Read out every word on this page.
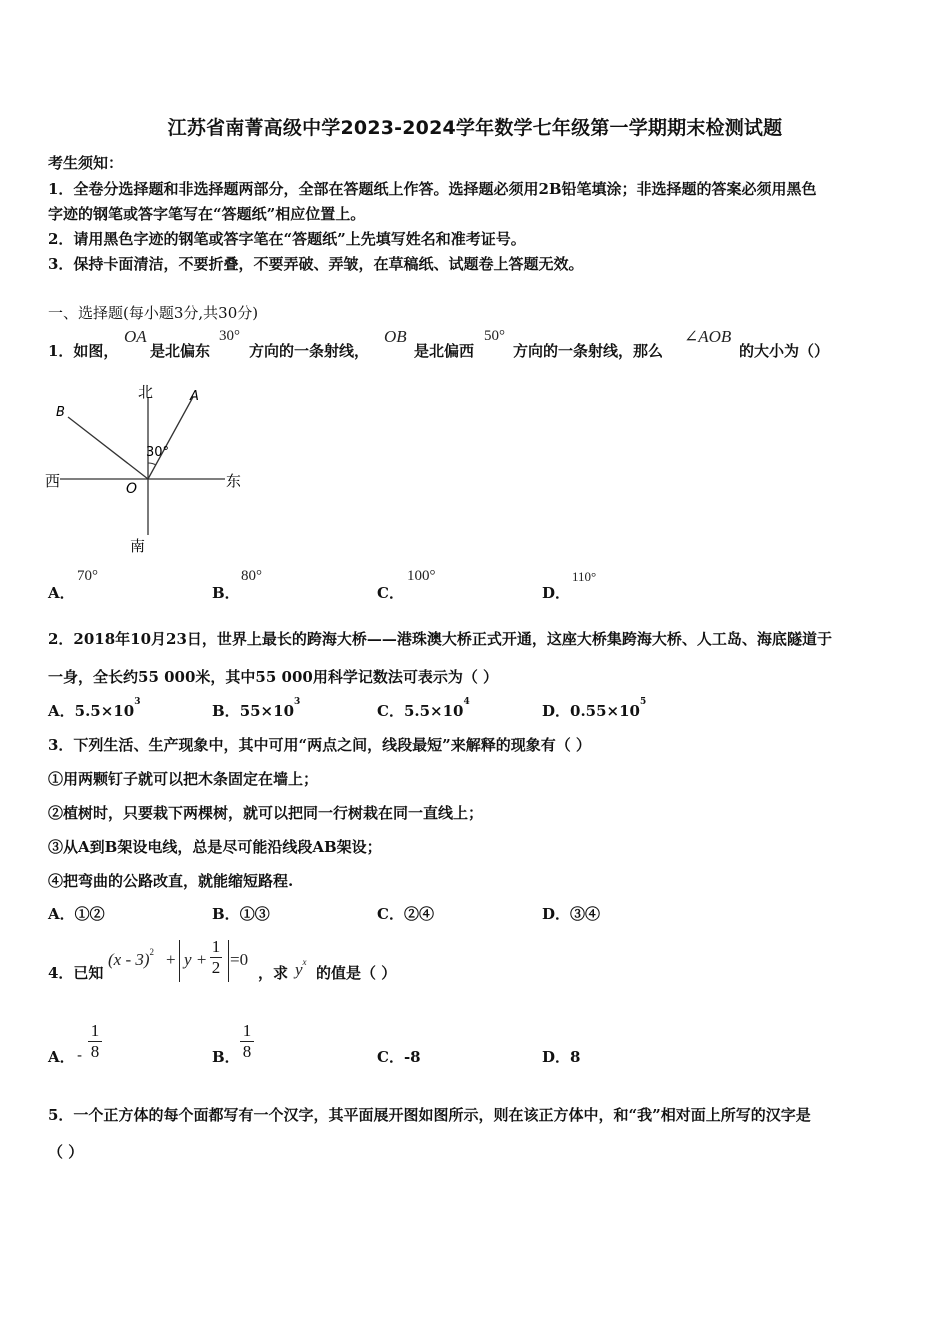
江苏省南菁高级中学2023-2024学年数学七年级第一学期期末检测试题
考生须知：
1．全卷分选择题和非选择题两部分，全部在答题纸上作答。选择题必须用2B铅笔填涂；非选择题的答案必须用黑色
字迹的钢笔或答字笔写在“答题纸”相应位置上。
2．请用黑色字迹的钢笔或答字笔在“答题纸”上先填写姓名和准考证号。
3．保持卡面清洁，不要折叠，不要弄破、弄皱，在草稿纸、试题卷上答题无效。
一、选择题(每小题3分,共30分)
1．如图，
OA
是北偏东
30°
方向的一条射线，
OB
是北偏西
50°
方向的一条射线，那么
∠AOB
的大小为（）
北
南
东
西
A
B
O
30°
A．
70°
B．
80°
C．
100°
D．
110°
2．2018年10月23日，世界上最长的跨海大桥——港珠澳大桥正式开通，这座大桥集跨海大桥、人工岛、海底隧道于
一身，全长约55 000米，其中55 000用科学记数法可表示为（ ）
A．$5.5\times 10^3$	B．$55\times 10^3$	C．$5.5\times 10^4$	D．$0.55\times 10^5$
3．下列生活、生产现象中，其中可用“两点之间，线段最短”来解释的现象有（ ）
①用两颗钉子就可以把木条固定在墙上；
②植树时，只要栽下两棵树，就可以把同一行树栽在同一直线上；
③从A到B架设电线，总是尽可能沿线段AB架设；
④把弯曲的公路改直，就能缩短路程.
A．①②	B．①③	C．②④	D．③④
4．已知
(x - 3)$^2$ + y +
1
2 =0
，求 $y^x$
的值是（ ）
A． -
1
8	B．
1
8	C．-8	D．8
5．一个正方体的每个面都写有一个汉字，其平面展开图如图所示，则在该正方体中，和“我”相对面上所写的汉字是
（ ）
